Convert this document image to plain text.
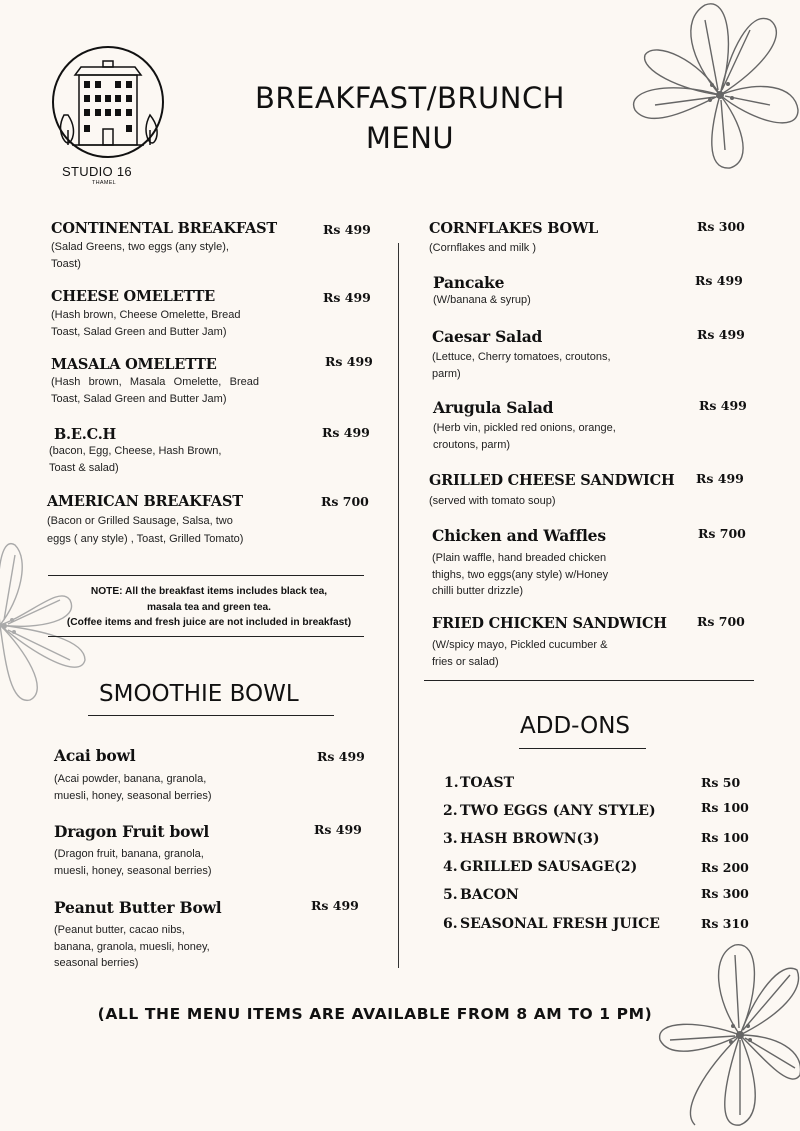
STUDIO 16
THAMEL
BREAKFAST/BRUNCH
MENU
CONTINENTAL BREAKFAST	Rs 499
(Salad Greens, two eggs (any style), Toast)
CHEESE OMELETTE	Rs 499
(Hash brown, Cheese Omelette, Bread Toast, Salad Green and Butter Jam)
MASALA OMELETTE	Rs 499
(Hash brown, Masala Omelette, Bread Toast, Salad Green and Butter Jam)
B.E.C.H	Rs 499
(bacon, Egg, Cheese, Hash Brown, Toast & salad)
AMERICAN BREAKFAST	Rs 700
(Bacon or Grilled Sausage, Salsa, two eggs ( any style) , Toast, Grilled Tomato)
NOTE: All the breakfast items includes black tea,
masala tea and green tea.
(Coffee items and fresh juice are not included in breakfast)
SMOOTHIE BOWL
Acai bowl	Rs 499
(Acai powder, banana, granola, muesli, honey, seasonal berries)
Dragon Fruit bowl	Rs 499
(Dragon fruit, banana, granola, muesli, honey, seasonal berries)
Peanut Butter Bowl	Rs 499
(Peanut butter, cacao nibs, banana, granola, muesli, honey, seasonal berries)
CORNFLAKES BOWL	Rs 300
(Cornflakes and milk )
Pancake	Rs 499
(W/banana & syrup)
Caesar Salad	Rs 499
(Lettuce, Cherry tomatoes, croutons, parm)
Arugula Salad	Rs 499
(Herb vin, pickled red onions, orange, croutons, parm)
GRILLED CHEESE SANDWICH Rs 499
(served with tomato soup)
Chicken and Waffles	Rs 700
(Plain waffle, hand breaded chicken thighs, two eggs(any style) w/Honey chilli butter drizzle)
FRIED CHICKEN SANDWICH Rs 700
(W/spicy mayo, Pickled cucumber & fries or salad)
ADD-ONS
1. TOAST	Rs 50
2. TWO EGGS (ANY STYLE)	Rs 100
3. HASH BROWN(3)	Rs 100
4. GRILLED SAUSAGE(2)	Rs 200
5. BACON	Rs 300
6. SEASONAL FRESH JUICE	Rs 310
(ALL THE MENU ITEMS ARE AVAILABLE FROM 8 AM TO 1 PM)
